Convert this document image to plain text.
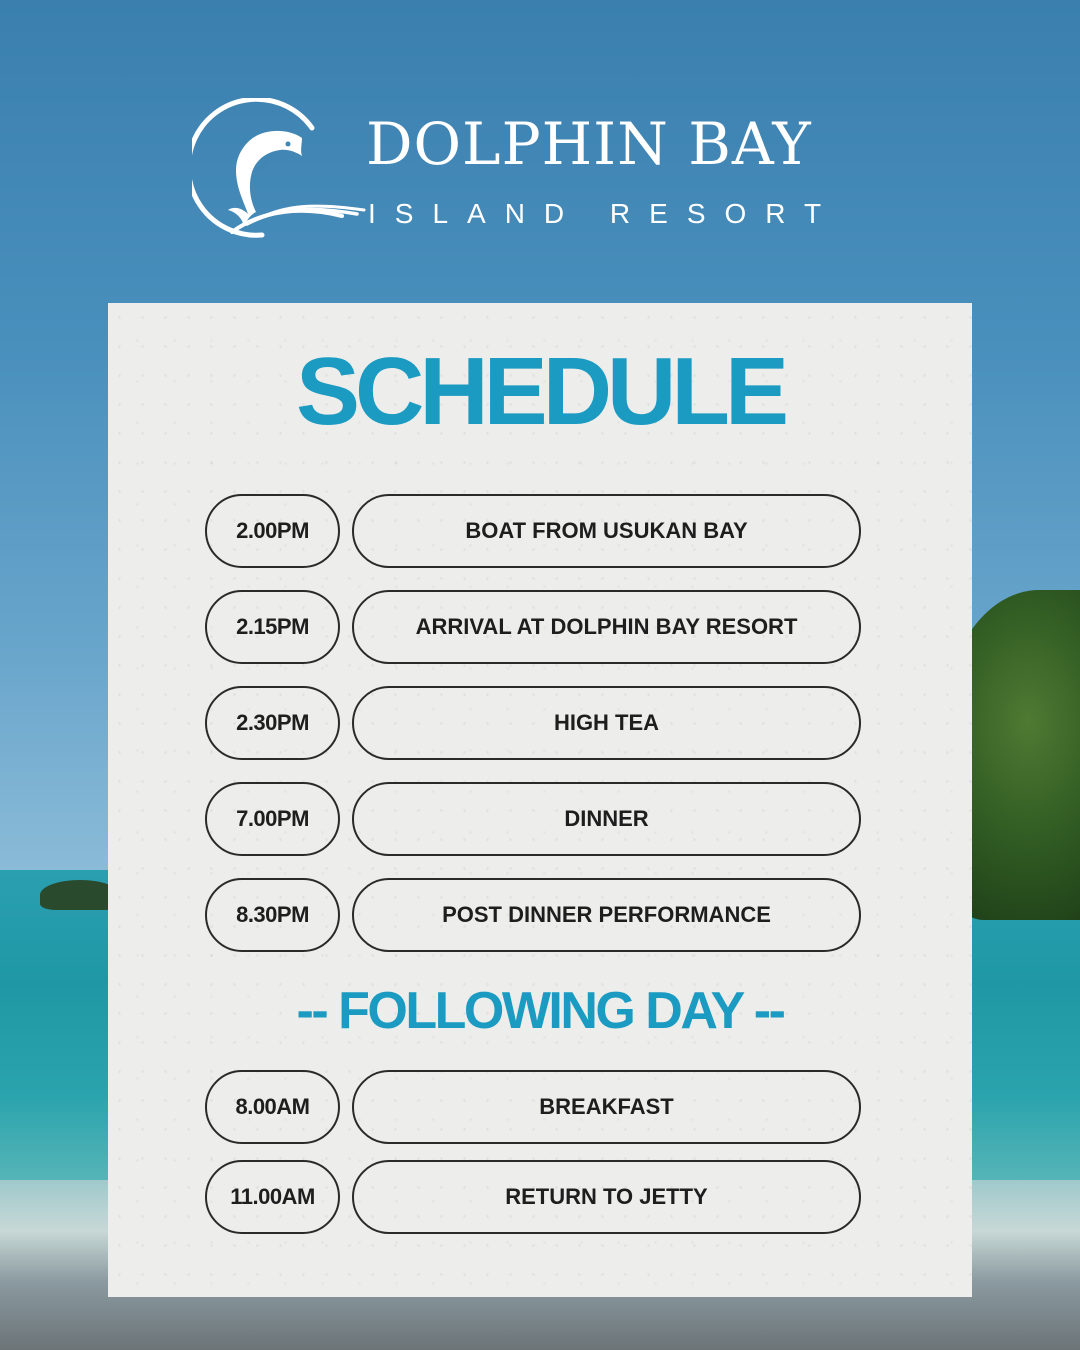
DOLPHIN BAY

ISLAND RESORT

SCHEDULE
2.00PM	BOAT FROM USUKAN BAY
2.15PM	ARRIVAL AT DOLPHIN BAY RESORT
2.30PM	HIGH TEA
7.00PM	DINNER
8.30PM	POST DINNER PERFORMANCE
-- FOLLOWING DAY --
8.00AM	BREAKFAST
11.00AM	RETURN TO JETTY
